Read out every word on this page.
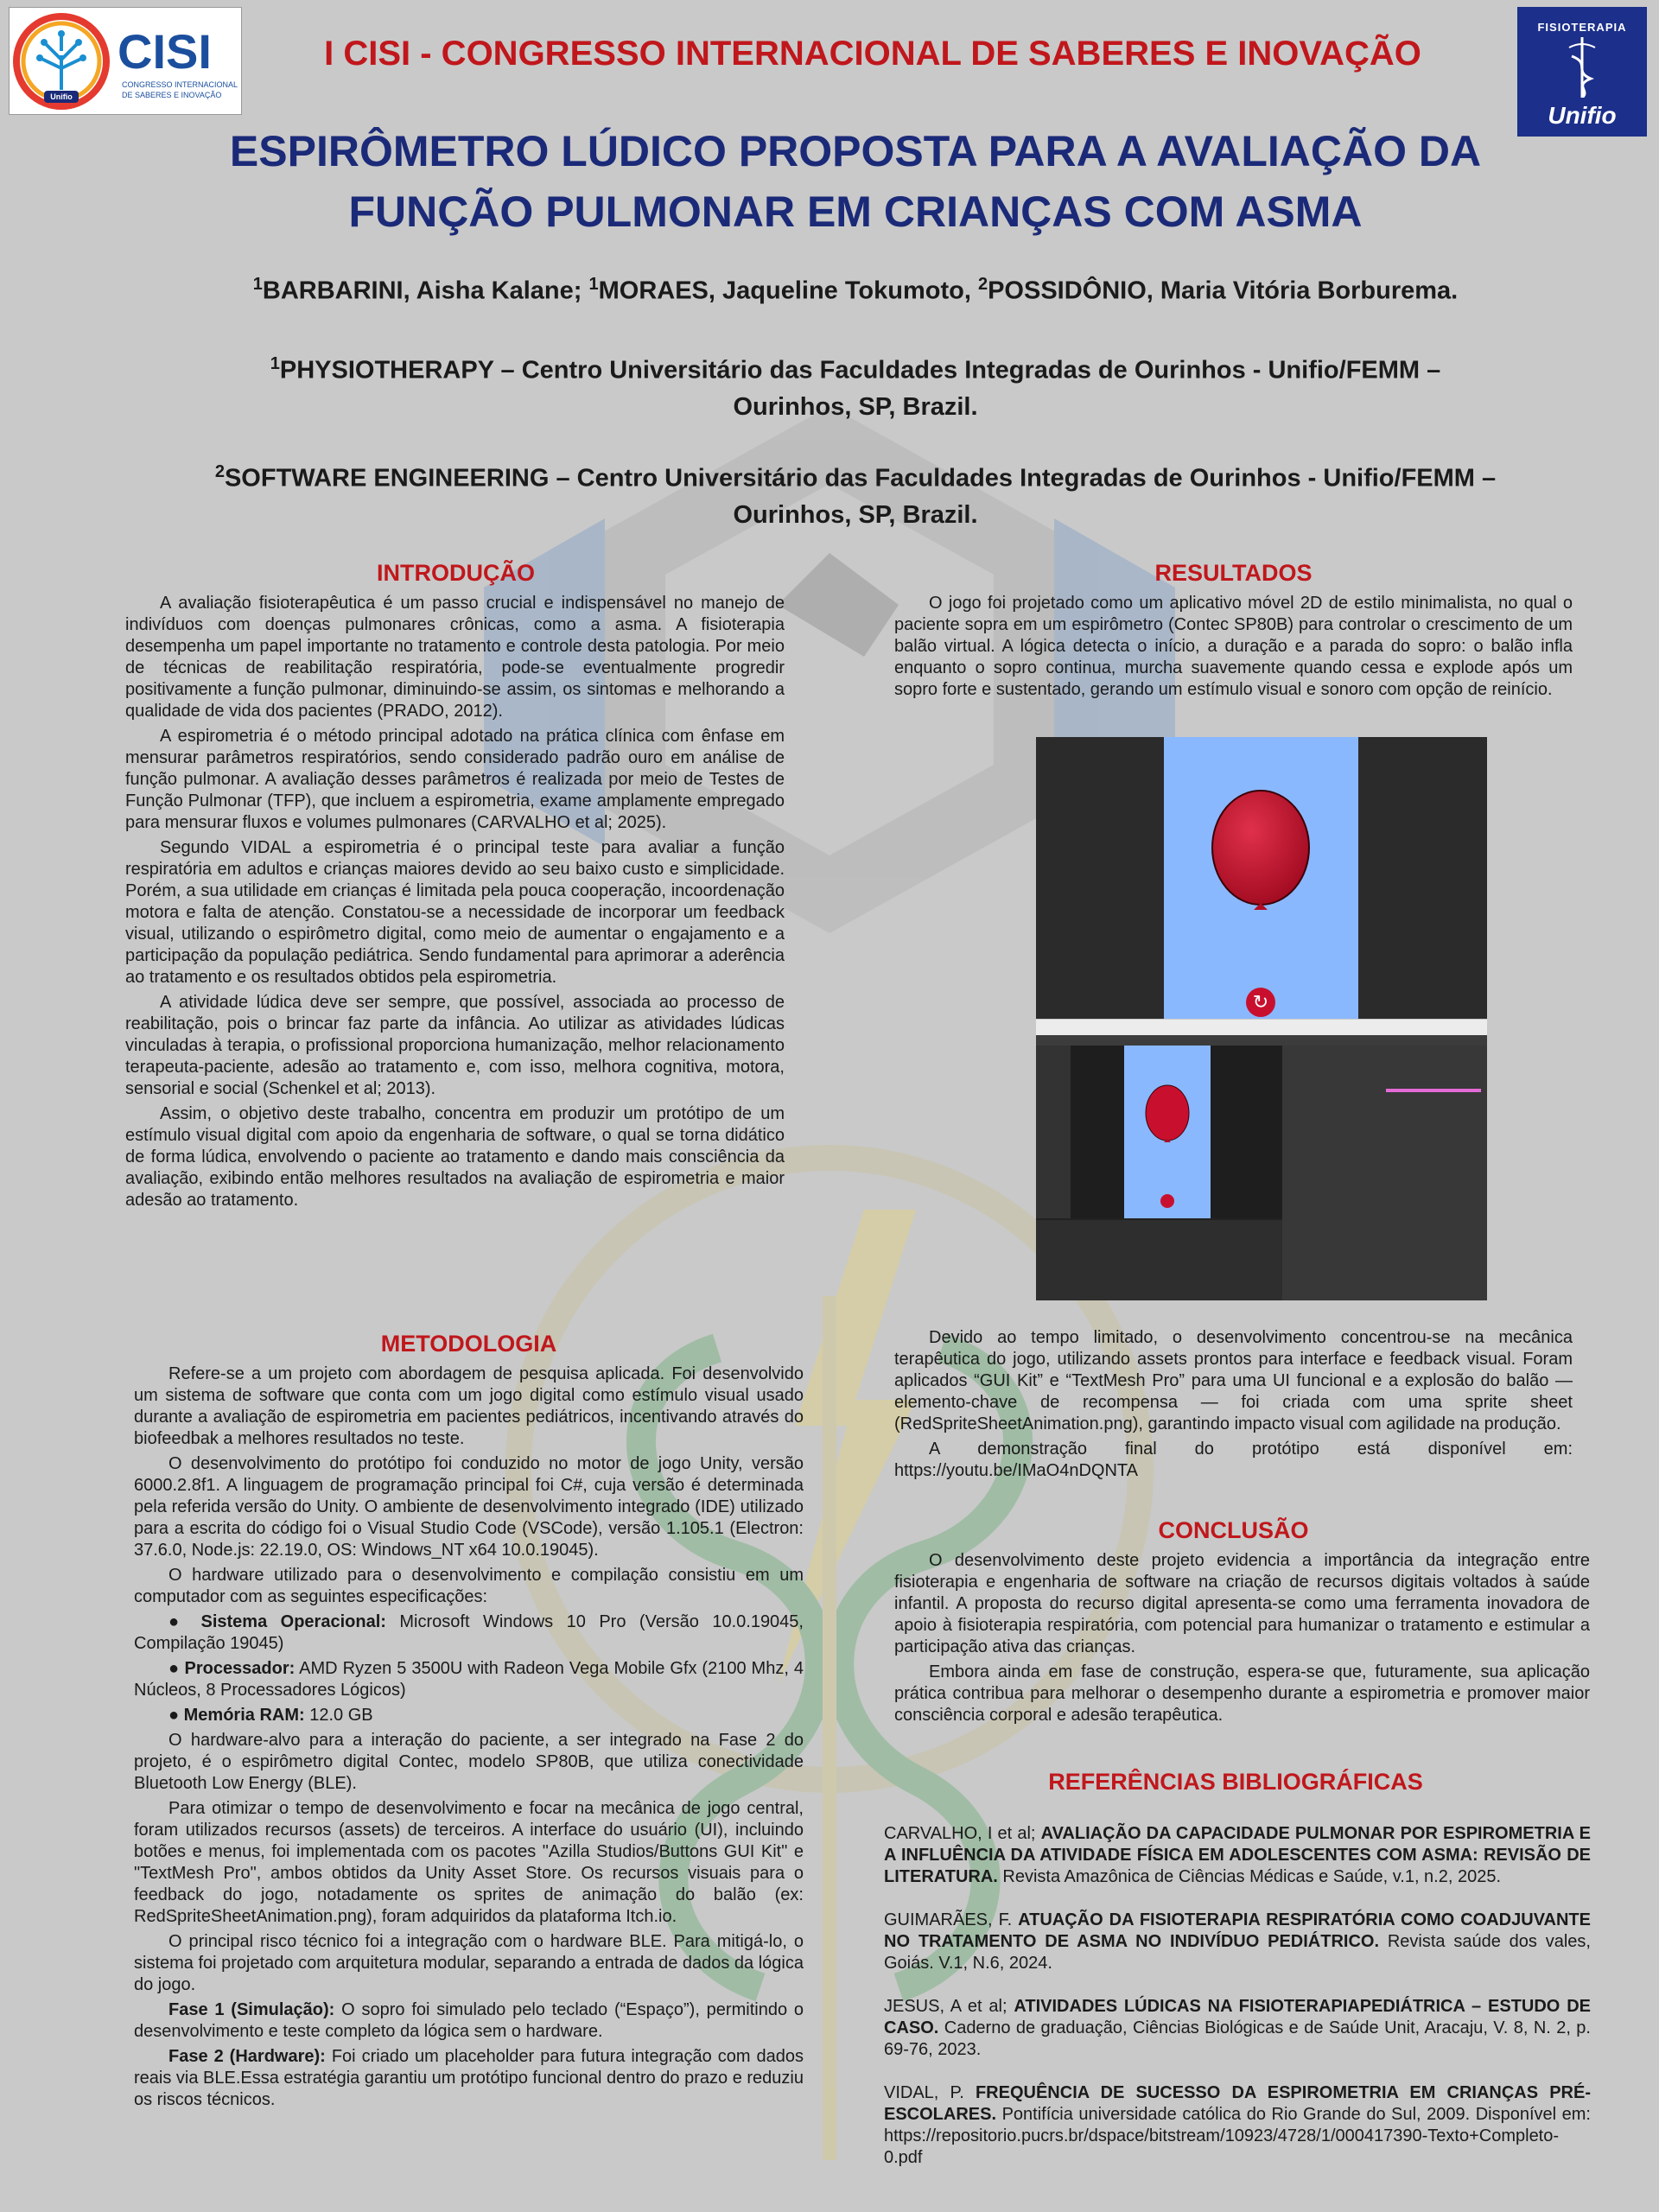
Unifio
CISI
CONGRESSO INTERNACIONAL
DE SABERES E INOVAÇÃO
FISIOTERAPIA
Unifio
I CISI - CONGRESSO INTERNACIONAL DE SABERES E INOVAÇÃO
ESPIRÔMETRO LÚDICO PROPOSTA PARA A AVALIAÇÃO DA
FUNÇÃO PULMONAR EM CRIANÇAS COM ASMA
$^1$BARBARINI, Aisha Kalane; $^1$MORAES, Jaqueline Tokumoto, $^2$POSSIDÔNIO, Maria Vitória Borburema.
$^1$PHYSIOTHERAPY – Centro Universitário das Faculdades Integradas de Ourinhos - Unifio/FEMM –
Ourinhos, SP, Brazil.
$^2$SOFTWARE ENGINEERING – Centro Universitário das Faculdades Integradas de Ourinhos - Unifio/FEMM –
Ourinhos, SP, Brazil.
INTRODUÇÃO

A avaliação fisioterapêutica é um passo crucial e indispensável no manejo de indivíduos com doenças pulmonares crônicas, como a asma. A fisioterapia desempenha um papel importante no tratamento e controle desta patologia. Por meio de técnicas de reabilitação respiratória, pode-se eventualmente progredir positivamente a função pulmonar, diminuindo-se assim, os sintomas e melhorando a qualidade de vida dos pacientes (PRADO, 2012).

A espirometria é o método principal adotado na prática clínica com ênfase em mensurar parâmetros respiratórios, sendo considerado padrão ouro em análise de função pulmonar. A avaliação desses parâmetros é realizada por meio de Testes de Função Pulmonar (TFP), que incluem a espirometria, exame amplamente empregado para mensurar fluxos e volumes pulmonares (CARVALHO et al; 2025).

Segundo VIDAL a espirometria é o principal teste para avaliar a função respiratória em adultos e crianças maiores devido ao seu baixo custo e simplicidade. Porém, a sua utilidade em crianças é limitada pela pouca cooperação, incoordenação motora e falta de atenção. Constatou-se a necessidade de incorporar um feedback visual, utilizando o espirômetro digital, como meio de aumentar o engajamento e a participação da população pediátrica. Sendo fundamental para aprimorar a aderência ao tratamento e os resultados obtidos pela espirometria.

A atividade lúdica deve ser sempre, que possível, associada ao processo de reabilitação, pois o brincar faz parte da infância. Ao utilizar as atividades lúdicas vinculadas à terapia, o profissional proporciona humanização, melhor relacionamento terapeuta-paciente, adesão ao tratamento e, com isso, melhora cognitiva, motora, sensorial e social (Schenkel et al; 2013).

Assim, o objetivo deste trabalho, concentra em produzir um protótipo de um estímulo visual digital com apoio da engenharia de software, o qual se torna didático de forma lúdica, envolvendo o paciente ao tratamento e dando mais consciência da avaliação, exibindo então melhores resultados na avaliação de espirometria e maior adesão ao tratamento.

METODOLOGIA

Refere-se a um projeto com abordagem de pesquisa aplicada. Foi desenvolvido um sistema de software que conta com um jogo digital como estímulo visual usado durante a avaliação de espirometria em pacientes pediátricos, incentivando através do biofeedbak a melhores resultados no teste.

O desenvolvimento do protótipo foi conduzido no motor de jogo Unity, versão 6000.2.8f1. A linguagem de programação principal foi C#, cuja versão é determinada pela referida versão do Unity. O ambiente de desenvolvimento integrado (IDE) utilizado para a escrita do código foi o Visual Studio Code (VSCode), versão 1.105.1 (Electron: 37.6.0, Node.js: 22.19.0, OS: Windows_NT x64 10.0.19045).

O hardware utilizado para o desenvolvimento e compilação consistiu em um computador com as seguintes especificações:

● Sistema Operacional: Microsoft Windows 10 Pro (Versão 10.0.19045, Compilação 19045)

● Processador: AMD Ryzen 5 3500U with Radeon Vega Mobile Gfx (2100 Mhz, 4 Núcleos, 8 Processadores Lógicos)

● Memória RAM: 12.0 GB

O hardware-alvo para a interação do paciente, a ser integrado na Fase 2 do projeto, é o espirômetro digital Contec, modelo SP80B, que utiliza conectividade Bluetooth Low Energy (BLE).

Para otimizar o tempo de desenvolvimento e focar na mecânica de jogo central, foram utilizados recursos (assets) de terceiros. A interface do usuário (UI), incluindo botões e menus, foi implementada com os pacotes "Azilla Studios/Buttons GUI Kit" e "TextMesh Pro", ambos obtidos da Unity Asset Store. Os recursos visuais para o feedback do jogo, notadamente os sprites de animação do balão (ex: RedSpriteSheetAnimation.png), foram adquiridos da plataforma Itch.io.

O principal risco técnico foi a integração com o hardware BLE. Para mitigá-lo, o sistema foi projetado com arquitetura modular, separando a entrada de dados da lógica do jogo.

Fase 1 (Simulação): O sopro foi simulado pelo teclado (“Espaço”), permitindo o desenvolvimento e teste completo da lógica sem o hardware.

Fase 2 (Hardware): Foi criado um placeholder para futura integração com dados reais via BLE.Essa estratégia garantiu um protótipo funcional dentro do prazo e reduziu os riscos técnicos.

RESULTADOS

O jogo foi projetado como um aplicativo móvel 2D de estilo minimalista, no qual o paciente sopra em um espirômetro (Contec SP80B) para controlar o crescimento de um balão virtual. A lógica detecta o início, a duração e a parada do sopro: o balão infla enquanto o sopro continua, murcha suavemente quando cessa e explode após um sopro forte e sustentado, gerando um estímulo visual e sonoro com opção de reinício.

↻

Devido ao tempo limitado, o desenvolvimento concentrou-se na mecânica terapêutica do jogo, utilizando assets prontos para interface e feedback visual. Foram aplicados “GUI Kit” e “TextMesh Pro” para uma UI funcional e a explosão do balão — elemento-chave de recompensa — foi criada com uma sprite sheet (RedSpriteSheetAnimation.png), garantindo impacto visual com agilidade na produção.

A demonstração final do protótipo está disponível em: https://youtu.be/IMaO4nDQNTA

CONCLUSÃO

O desenvolvimento deste projeto evidencia a importância da integração entre fisioterapia e engenharia de software na criação de recursos digitais voltados à saúde infantil. A proposta do recurso digital apresenta-se como uma ferramenta inovadora de apoio à fisioterapia respiratória, com potencial para humanizar o tratamento e estimular a participação ativa das crianças.

Embora ainda em fase de construção, espera-se que, futuramente, sua aplicação prática contribua para melhorar o desempenho durante a espirometria e promover maior consciência corporal e adesão terapêutica.

REFERÊNCIAS BIBLIOGRÁFICAS

CARVALHO, I et al; AVALIAÇÃO DA CAPACIDADE PULMONAR POR ESPIROMETRIA E A INFLUÊNCIA DA ATIVIDADE FÍSICA EM ADOLESCENTES COM ASMA: REVISÃO DE LITERATURA. Revista Amazônica de Ciências Médicas e Saúde, v.1, n.2, 2025.

GUIMARÃES, F. ATUAÇÃO DA FISIOTERAPIA RESPIRATÓRIA COMO COADJUVANTE NO TRATAMENTO DE ASMA NO INDIVÍDUO PEDIÁTRICO. Revista saúde dos vales, Goiás. V.1, N.6, 2024.

JESUS, A et al; ATIVIDADES LÚDICAS NA FISIOTERAPIAPEDIÁTRICA – ESTUDO DE CASO. Caderno de graduação, Ciências Biológicas e de Saúde Unit, Aracaju, V. 8, N. 2, p. 69-76, 2023.

VIDAL, P. FREQUÊNCIA DE SUCESSO DA ESPIROMETRIA EM CRIANÇAS PRÉ-ESCOLARES. Pontifícia universidade católica do Rio Grande do Sul, 2009. Disponível em: https://repositorio.pucrs.br/dspace/bitstream/10923/4728/1/000417390-Texto+Completo-0.pdf
